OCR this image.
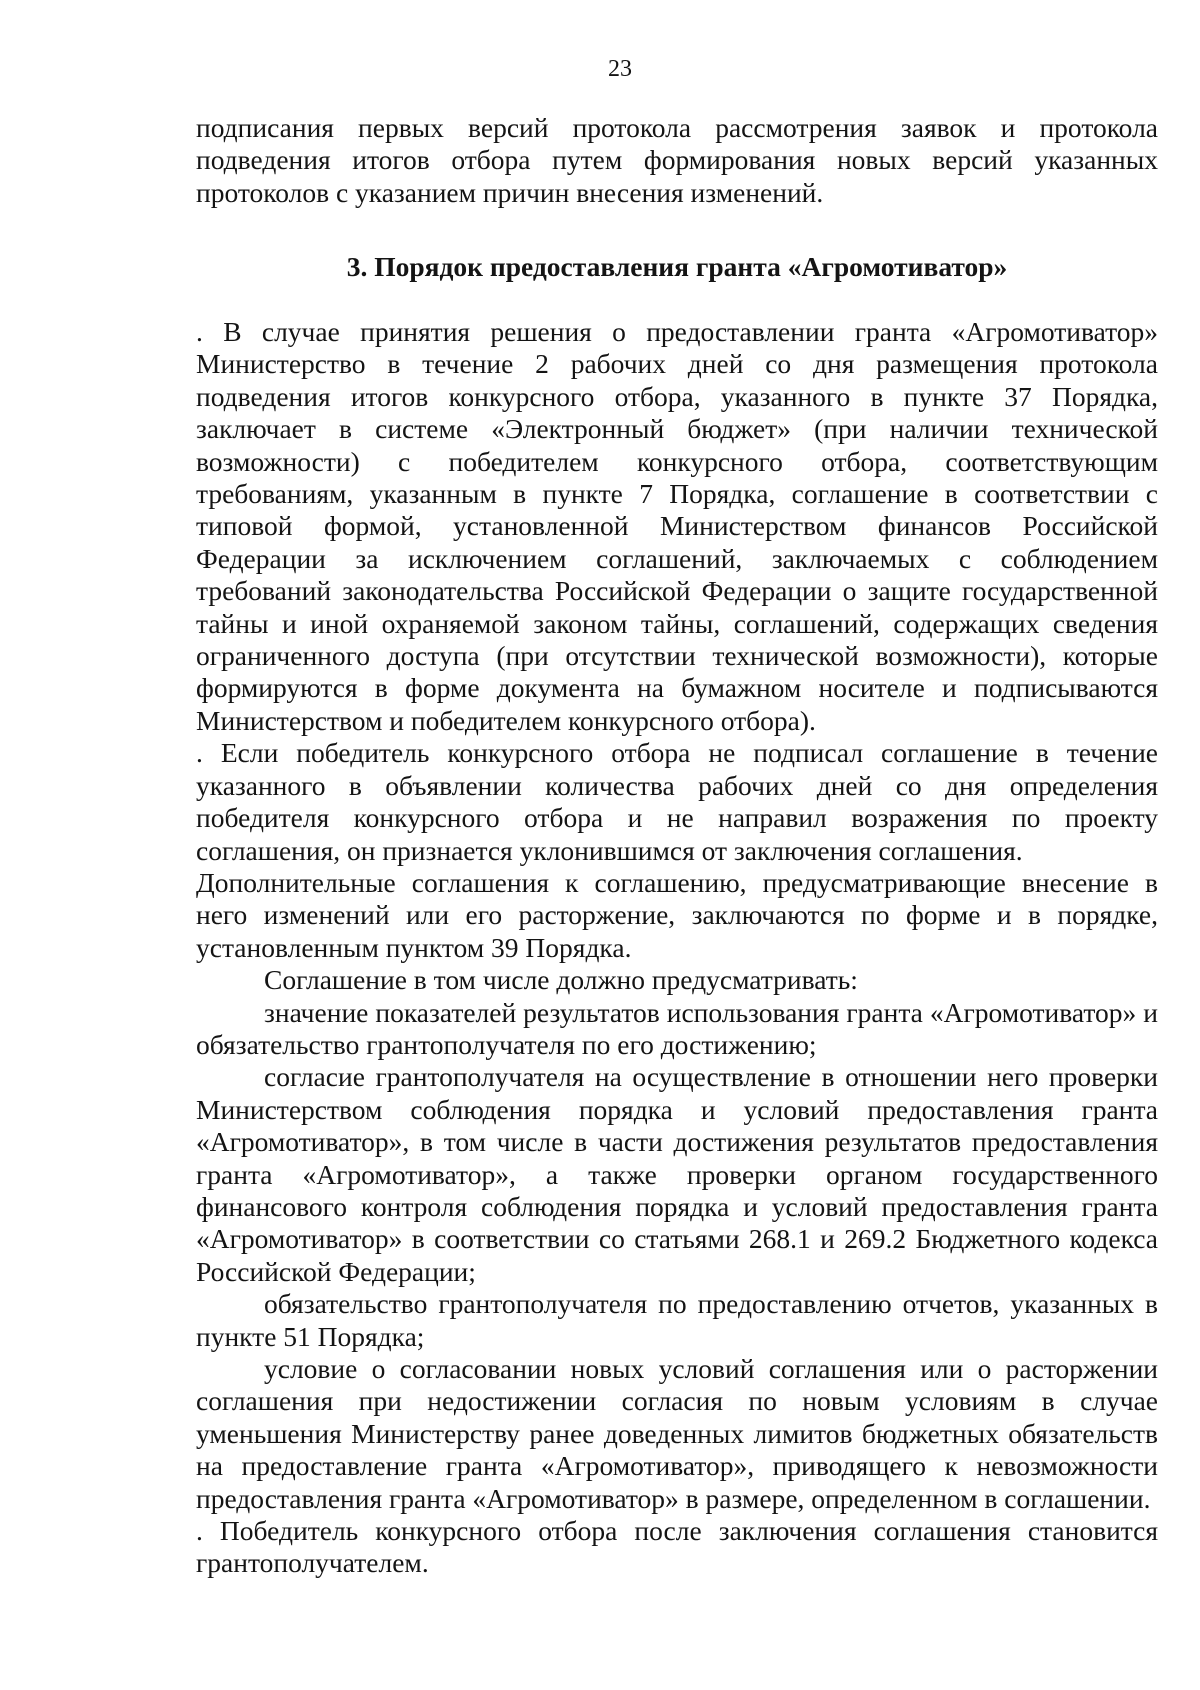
23

подписания первых версий протокола рассмотрения заявок и протокола подведения итогов отбора путем формирования новых версий указанных протоколов с указанием причин внесения изменений.

3. Порядок предоставления гранта «Агромотиватор»

. В случае принятия решения о предоставлении гранта «Агромотиватор» Министерство в течение 2 рабочих дней со дня размещения протокола подведения итогов конкурсного отбора, указанного в пункте 37 Порядка, заключает в системе «Электронный бюджет» (при наличии технической возможности) с победителем конкурсного отбора, соответствующим требованиям, указанным в пункте 7 Порядка, соглашение в соответствии с типовой формой, установленной Министерством финансов Российской Федерации за исключением соглашений, заключаемых с соблюдением требований законодательства Российской Федерации о защите государственной тайны и иной охраняемой законом тайны, соглашений, содержащих сведения ограниченного доступа (при отсутствии технической возможности), которые формируются в форме документа на бумажном носителе и подписываются Министерством и победителем конкурсного отбора).

. Если победитель конкурсного отбора не подписал соглашение в течение указанного в объявлении количества рабочих дней со дня определения победителя конкурсного отбора и не направил возражения по проекту соглашения, он признается уклонившимся от заключения соглашения.

Дополнительные соглашения к соглашению, предусматривающие внесение в него изменений или его расторжение, заключаются по форме и в порядке, установленным пунктом 39 Порядка.

Соглашение в том числе должно предусматривать:

значение показателей результатов использования гранта «Агромотиватор» и обязательство грантополучателя по его достижению;

согласие грантополучателя на осуществление в отношении него проверки Министерством соблюдения порядка и условий предоставления гранта «Агромотиватор», в том числе в части достижения результатов предоставления гранта «Агромотиватор», а также проверки органом государственного финансового контроля соблюдения порядка и условий предоставления гранта «Агромотиватор» в соответствии со статьями 268.1 и 269.2 Бюджетного кодекса Российской Федерации;

обязательство грантополучателя по предоставлению отчетов, указанных в пункте 51 Порядка;

условие о согласовании новых условий соглашения или о расторжении соглашения при недостижении согласия по новым условиям в случае уменьшения Министерству ранее доведенных лимитов бюджетных обязательств на предоставление гранта «Агромотиватор», приводящего к невозможности предоставления гранта «Агромотиватор» в размере, определенном в соглашении.

. Победитель конкурсного отбора после заключения соглашения становится грантополучателем.
